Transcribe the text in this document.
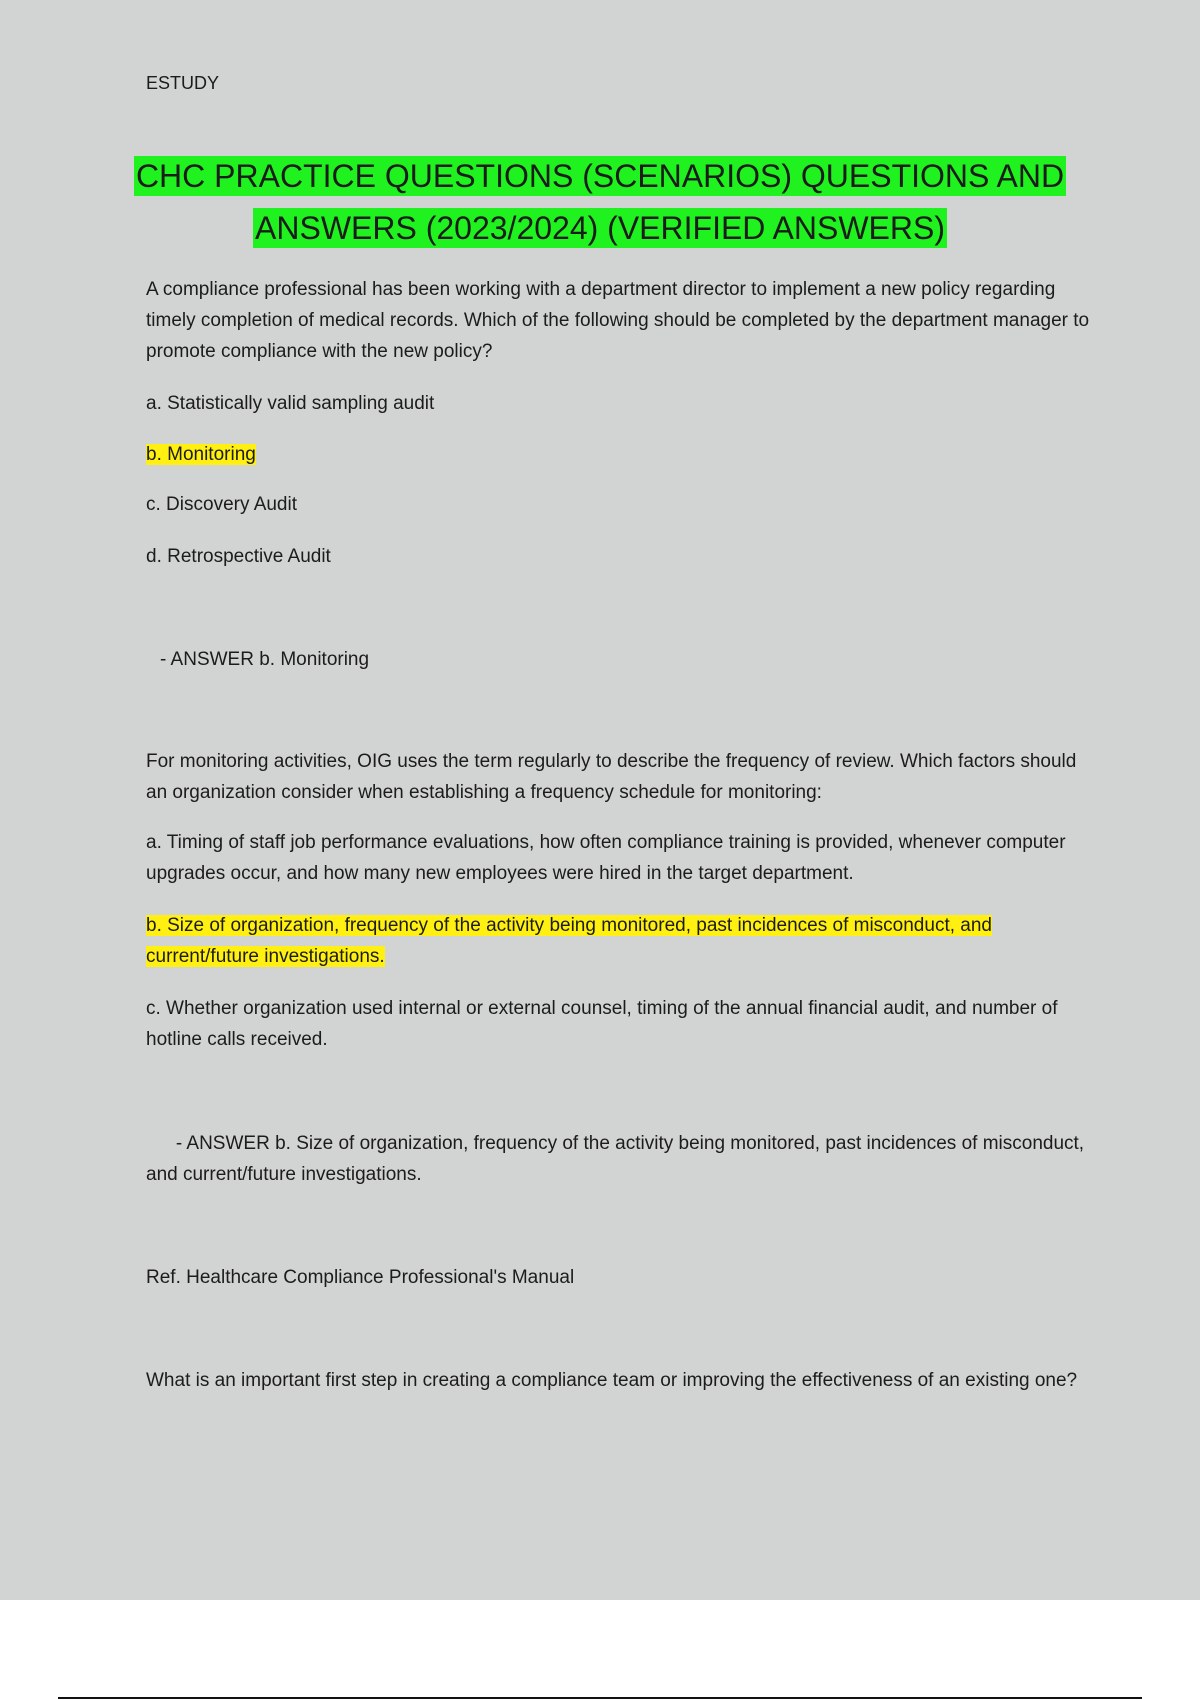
ESTUDY
CHC PRACTICE QUESTIONS (SCENARIOS) QUESTIONS AND
ANSWERS (2023/2024) (VERIFIED ANSWERS)
A compliance professional has been working with a department director to implement a new policy regarding timely completion of medical records. Which of the following should be completed by the department manager to promote compliance with the new policy?
a. Statistically valid sampling audit
b. Monitoring
c. Discovery Audit
d. Retrospective Audit
- ANSWER b. Monitoring
For monitoring activities, OIG uses the term regularly to describe the frequency of review. Which factors should an organization consider when establishing a frequency schedule for monitoring:
a. Timing of staff job performance evaluations, how often compliance training is provided, whenever computer upgrades occur, and how many new employees were hired in the target department.
b. Size of organization, frequency of the activity being monitored, past incidences of misconduct, and current/future investigations.
c. Whether organization used internal or external counsel, timing of the annual financial audit, and number of hotline calls received.
- ANSWER b. Size of organization, frequency of the activity being monitored, past incidences of misconduct, and current/future investigations.
Ref. Healthcare Compliance Professional's Manual
What is an important first step in creating a compliance team or improving the effectiveness of an existing one?
